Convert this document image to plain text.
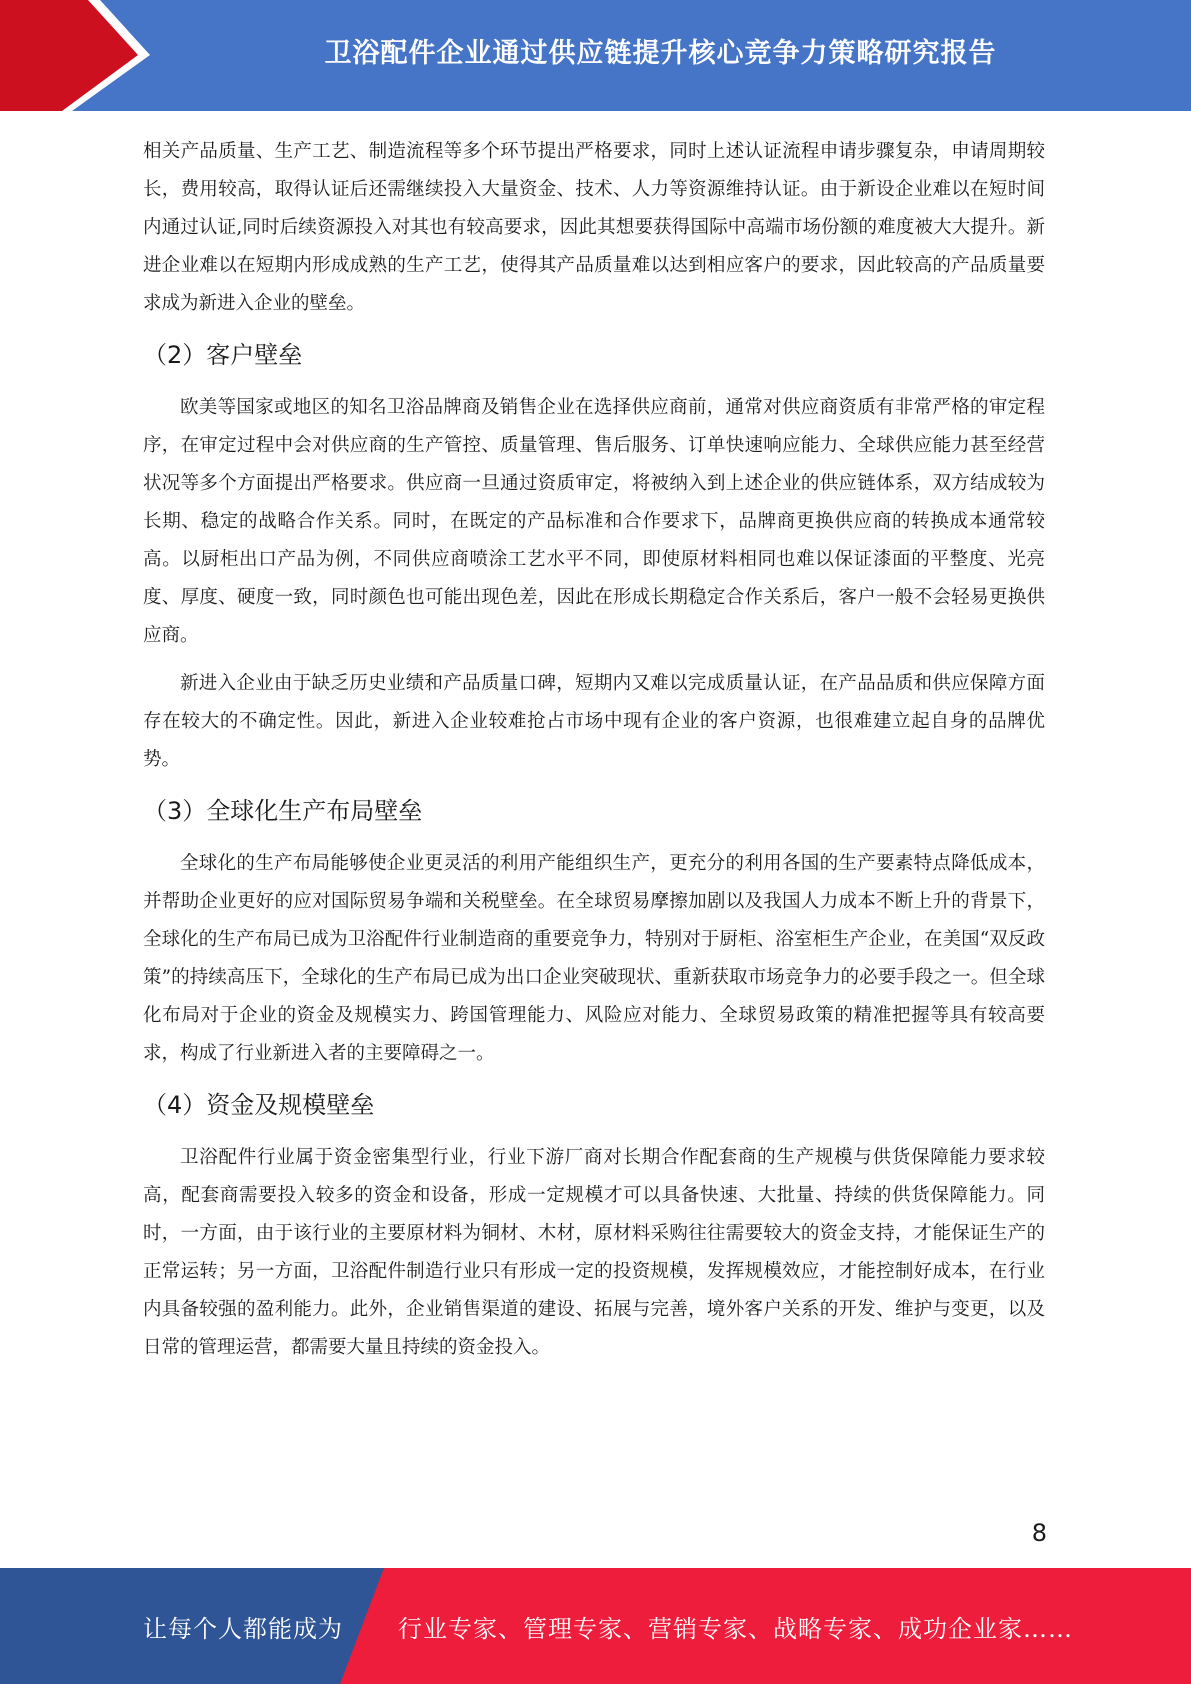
卫浴配件企业通过供应链提升核心竞争力策略研究报告

相关产品质量、生产工艺、制造流程等多个环节提出严格要求，同时上述认证流程申请步骤复杂，申请周期较长，费用较高，取得认证后还需继续投入大量资金、技术、人力等资源维持认证。由于新设企业难以在短时间内通过认证,同时后续资源投入对其也有较高要求，因此其想要获得国际中高端市场份额的难度被大大提升。新进企业难以在短期内形成成熟的生产工艺，使得其产品质量难以达到相应客户的要求，因此较高的产品质量要求成为新进入企业的壁垒。

（2）客户壁垒

欧美等国家或地区的知名卫浴品牌商及销售企业在选择供应商前，通常对供应商资质有非常严格的审定程序，在审定过程中会对供应商的生产管控、质量管理、售后服务、订单快速响应能力、全球供应能力甚至经营状况等多个方面提出严格要求。供应商一旦通过资质审定，将被纳入到上述企业的供应链体系，双方结成较为长期、稳定的战略合作关系。同时，在既定的产品标准和合作要求下，品牌商更换供应商的转换成本通常较高。以厨柜出口产品为例，不同供应商喷涂工艺水平不同，即使原材料相同也难以保证漆面的平整度、光亮度、厚度、硬度一致，同时颜色也可能出现色差，因此在形成长期稳定合作关系后，客户一般不会轻易更换供应商。

新进入企业由于缺乏历史业绩和产品质量口碑，短期内又难以完成质量认证，在产品品质和供应保障方面存在较大的不确定性。因此，新进入企业较难抢占市场中现有企业的客户资源，也很难建立起自身的品牌优势。

（3）全球化生产布局壁垒

全球化的生产布局能够使企业更灵活的利用产能组织生产，更充分的利用各国的生产要素特点降低成本，并帮助企业更好的应对国际贸易争端和关税壁垒。在全球贸易摩擦加剧以及我国人力成本不断上升的背景下，全球化的生产布局已成为卫浴配件行业制造商的重要竞争力，特别对于厨柜、浴室柜生产企业，在美国“双反政策”的持续高压下，全球化的生产布局已成为出口企业突破现状、重新获取市场竞争力的必要手段之一。但全球化布局对于企业的资金及规模实力、跨国管理能力、风险应对能力、全球贸易政策的精准把握等具有较高要求，构成了行业新进入者的主要障碍之一。

（4）资金及规模壁垒

卫浴配件行业属于资金密集型行业，行业下游厂商对长期合作配套商的生产规模与供货保障能力要求较高，配套商需要投入较多的资金和设备，形成一定规模才可以具备快速、大批量、持续的供货保障能力。同时，一方面，由于该行业的主要原材料为铜材、木材，原材料采购往往需要较大的资金支持，才能保证生产的正常运转；另一方面，卫浴配件制造行业只有形成一定的投资规模，发挥规模效应，才能控制好成本，在行业内具备较强的盈利能力。此外，企业销售渠道的建设、拓展与完善，境外客户关系的开发、维护与变更，以及日常的管理运营，都需要大量且持续的资金投入。

8
让每个人都能成为 行业专家、管理专家、营销专家、战略专家、成功企业家……
